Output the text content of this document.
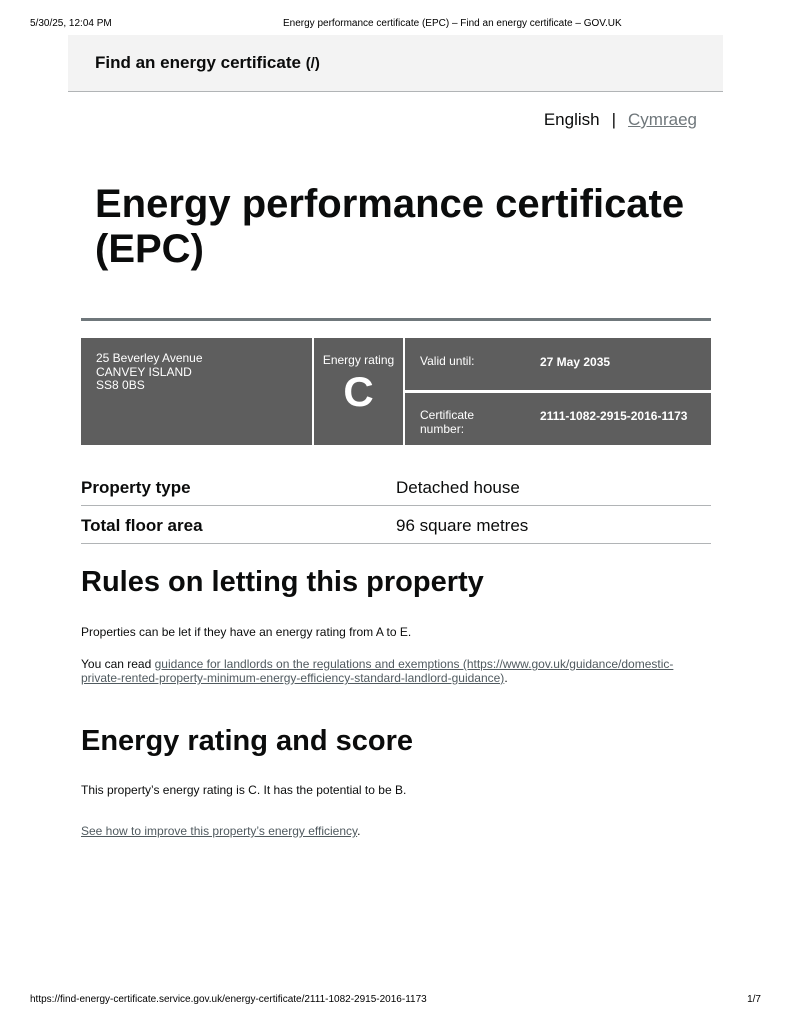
5/30/25, 12:04 PM	Energy performance certificate (EPC) – Find an energy certificate – GOV.UK
Find an energy certificate (/)
English | Cymraeg
Energy performance certificate (EPC)
25 Beverley Avenue
CANVEY ISLAND
SS8 0BS
Energy rating
C
Valid until:	27 May 2035
Certificate number:
2111-1082-2915-2016-1173
Property type	Detached house
Total floor area	96 square metres
Rules on letting this property

Properties can be let if they have an energy rating from A to E.

You can read guidance for landlords on the regulations and exemptions (https://www.gov.uk/guidance/domestic-private-rented-property-minimum-energy-efficiency-standard-landlord-guidance).

Energy rating and score

This property’s energy rating is C. It has the potential to be B.

See how to improve this property’s energy efficiency.

https://find-energy-certificate.service.gov.uk/energy-certificate/2111-1082-2915-2016-1173	1/7
